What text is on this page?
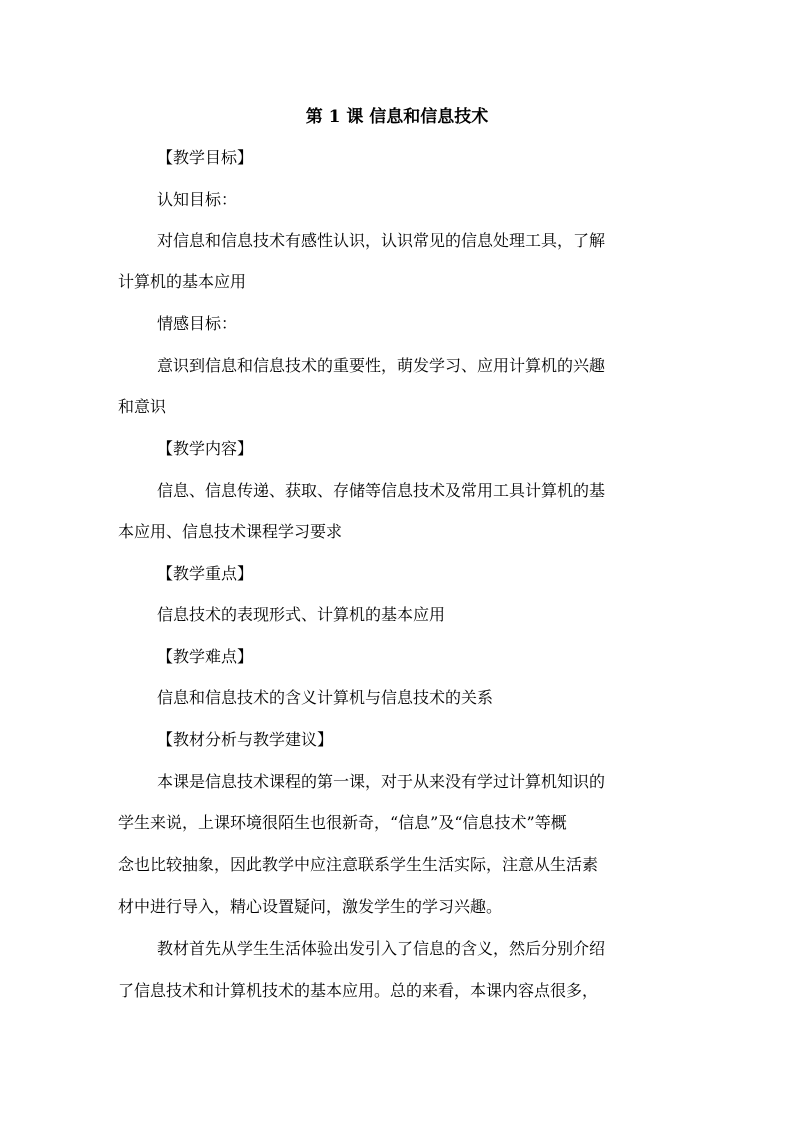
第 1 课 信息和信息技术
【教学目标】
认知目标：
对信息和信息技术有感性认识，认识常见的信息处理工具，了解
计算机的基本应用
情感目标：
意识到信息和信息技术的重要性，萌发学习、应用计算机的兴趣
和意识
【教学内容】
信息、信息传递、获取、存储等信息技术及常用工具计算机的基
本应用、信息技术课程学习要求
【教学重点】
信息技术的表现形式、计算机的基本应用
【教学难点】
信息和信息技术的含义计算机与信息技术的关系
【教材分析与教学建议】
本课是信息技术课程的第一课，对于从来没有学过计算机知识的
学生来说，上课环境很陌生也很新奇，“信息”及“信息技术”等概
念也比较抽象，因此教学中应注意联系学生生活实际，注意从生活素
材中进行导入，精心设置疑问，激发学生的学习兴趣。
教材首先从学生生活体验出发引入了信息的含义，然后分别介绍
了信息技术和计算机技术的基本应用。总的来看，本课内容点很多，
